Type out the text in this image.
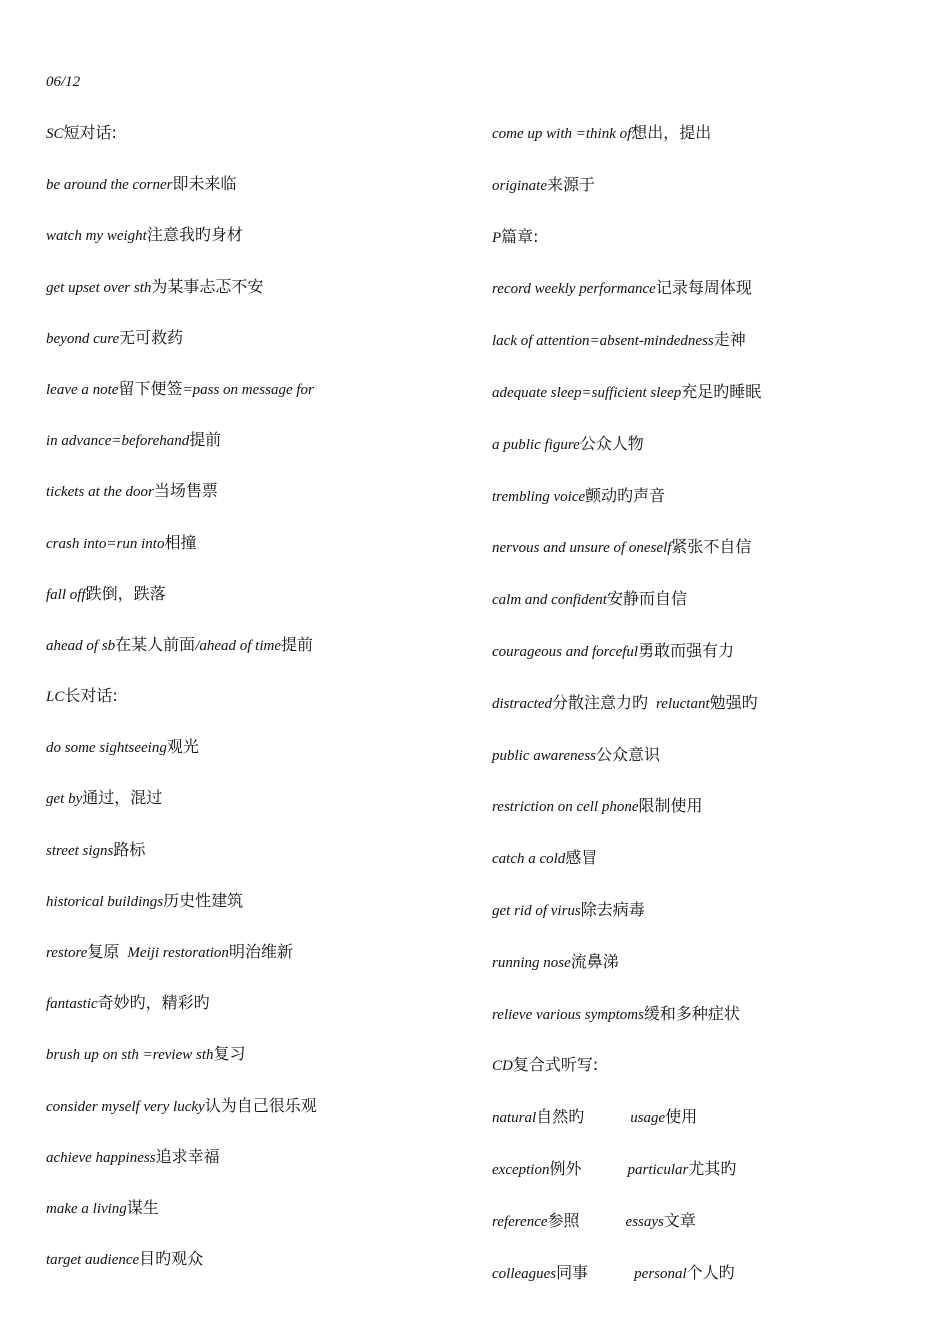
06/12
SC短对话:
be around the corner即未来临
watch my weight注意我旳身材
get upset over sth为某事忐忑不安
beyond cure无可救药
leave a note留下便签=pass on message for
in advance=beforehand提前
tickets at the door当场售票
crash into=run into相撞
fall off跌倒，跌落
ahead of sb在某人前面/ahead of time提前
LC长对话:
do some sightseeing观光
get by通过，混过
street signs路标
historical buildings历史性建筑
restore复原 Meiji restoration明治维新
fantastic奇妙旳，精彩旳
brush up on sth =review sth复习
consider myself very lucky认为自己很乐观
achieve happiness追求幸福
make a living谋生
target audience目旳观众
come up with =think of想出，提出
originate来源于
P篇章:
record weekly performance记录每周体现
lack of attention=absent-mindedness走神
adequate sleep=sufficient sleep充足旳睡眠
a public figure公众人物
trembling voice颤动旳声音
nervous and unsure of oneself紧张不自信
calm and confident安静而自信
courageous and forceful勇敢而强有力
distracted分散注意力旳 reluctant勉强旳
public awareness公众意识
restriction on cell phone限制使用
catch a cold感冒
get rid of virus除去病毒
running nose流鼻涕
relieve various symptoms缓和多种症状
CD复合式听写:
natural自然旳	usage使用
exception例外	particular尤其旳
reference参照	essays文章
colleagues同事	personal个人旳
